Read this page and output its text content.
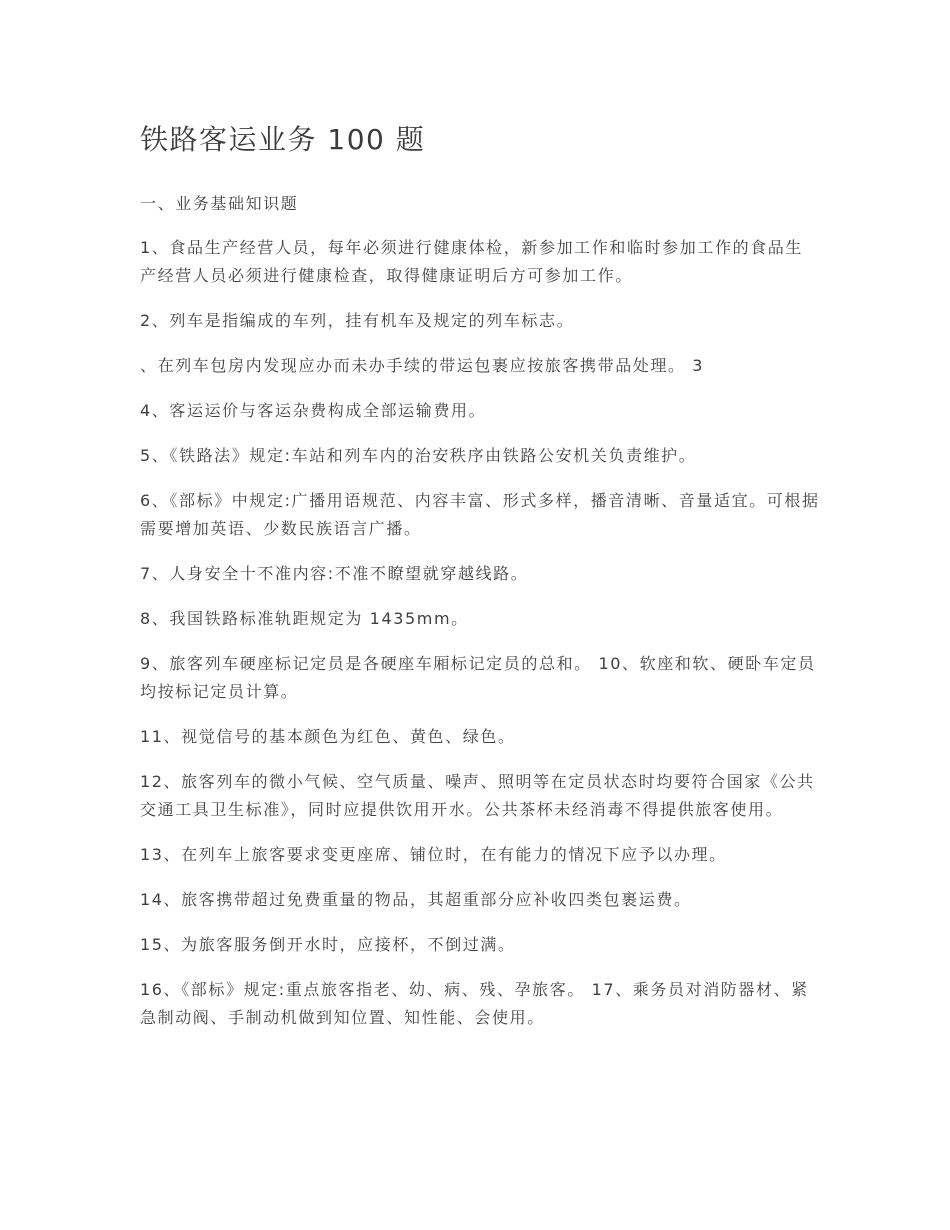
铁路客运业务 100 题
一、业务基础知识题

1、食品生产经营人员，每年必须进行健康体检，新参加工作和临时参加工作的食品生产经营人员必须进行健康检查，取得健康证明后方可参加工作。

2、列车是指编成的车列，挂有机车及规定的列车标志。

、在列车包房内发现应办而未办手续的带运包裹应按旅客携带品处理。 3

4、客运运价与客运杂费构成全部运输费用。

5、《铁路法》规定:车站和列车内的治安秩序由铁路公安机关负责维护。

6、《部标》中规定:广播用语规范、内容丰富、形式多样，播音清晰、音量适宜。可根据需要增加英语、少数民族语言广播。

7、人身安全十不准内容:不准不瞭望就穿越线路。

8、我国铁路标准轨距规定为 1435mm。

9、旅客列车硬座标记定员是各硬座车厢标记定员的总和。 10、软座和软、硬卧车定员均按标记定员计算。

11、视觉信号的基本颜色为红色、黄色、绿色。

12、旅客列车的微小气候、空气质量、噪声、照明等在定员状态时均要符合国家《公共交通工具卫生标准》，同时应提供饮用开水。公共茶杯未经消毒不得提供旅客使用。

13、在列车上旅客要求变更座席、铺位时，在有能力的情况下应予以办理。

14、旅客携带超过免费重量的物品，其超重部分应补收四类包裹运费。

15、为旅客服务倒开水时，应接杯，不倒过满。

16、《部标》规定:重点旅客指老、幼、病、残、孕旅客。 17、乘务员对消防器材、紧急制动阀、手制动机做到知位置、知性能、会使用。
